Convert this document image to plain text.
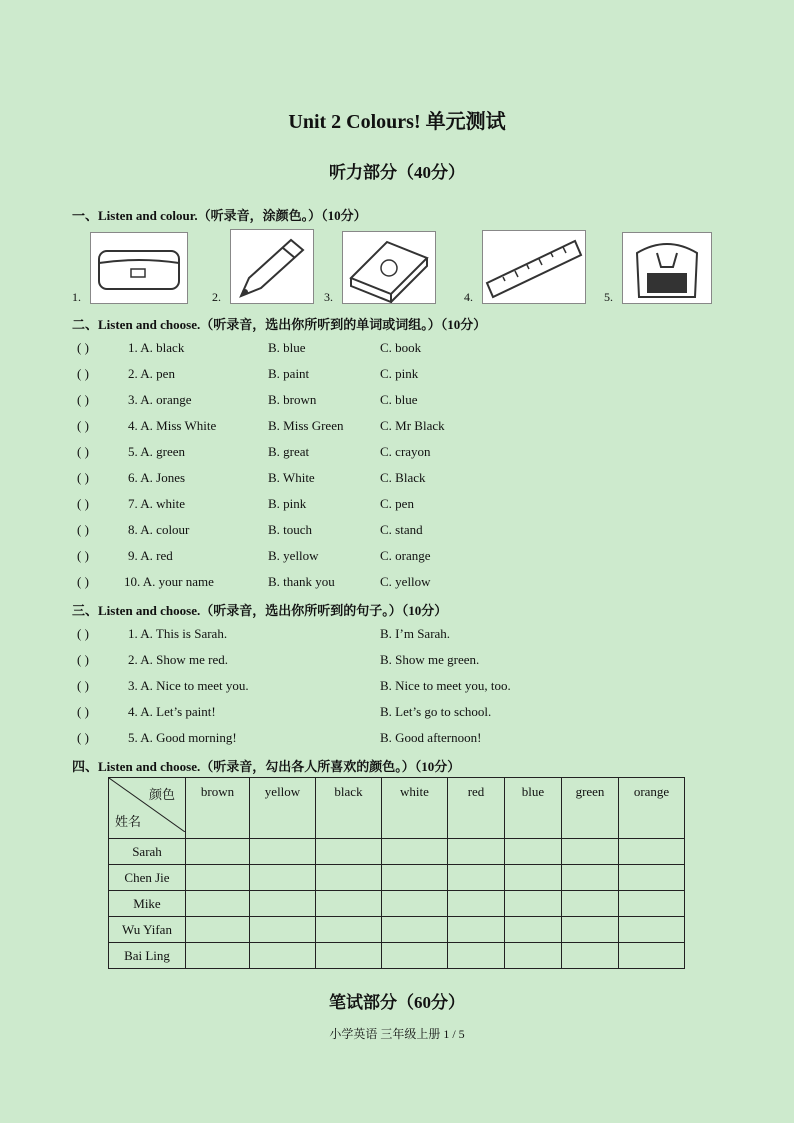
Unit 2 Colours! 单元测试
听力部分（40分）
一、Listen and colour.（听录音，涂颜色。）（10分）
1.	2.	3.	4.	5.
二、Listen and choose.（听录音，选出你所听到的单词或词组。）（10分）
( )	1. A. black	B. blue	C. book
( )	2. A. pen	B. paint	C. pink
( )	3. A. orange	B. brown	C. blue
( )	4. A. Miss White	B. Miss Green	C. Mr Black
( )	5. A. green	B. great	C. crayon
( )	6. A. Jones	B. White	C. Black
( )	7. A. white	B. pink	C. pen
( )	8. A. colour	B. touch	C. stand
( )	9. A. red	B. yellow	C. orange
( )	10. A. your name	B. thank you	C. yellow
三、Listen and choose.（听录音，选出你所听到的句子。）（10分）
( )	1. A. This is Sarah.	B. I’m Sarah.
( )	2. A. Show me red.	B. Show me green.
( )	3. A. Nice to meet you.	B. Nice to meet you, too.
( )	4. A. Let’s paint!	B. Let’s go to school.
( )	5. A. Good morning!	B. Good afternoon!
四、Listen and choose.（听录音，勾出各人所喜欢的颜色。）（10分）
颜色
姓名	brown	yellow	black	white	red	blue	green	orange
Sarah								
Chen Jie								
Mike								
Wu Yifan								
Bai Ling								
笔试部分（60分）
小学英语 三年级上册 1 / 5
